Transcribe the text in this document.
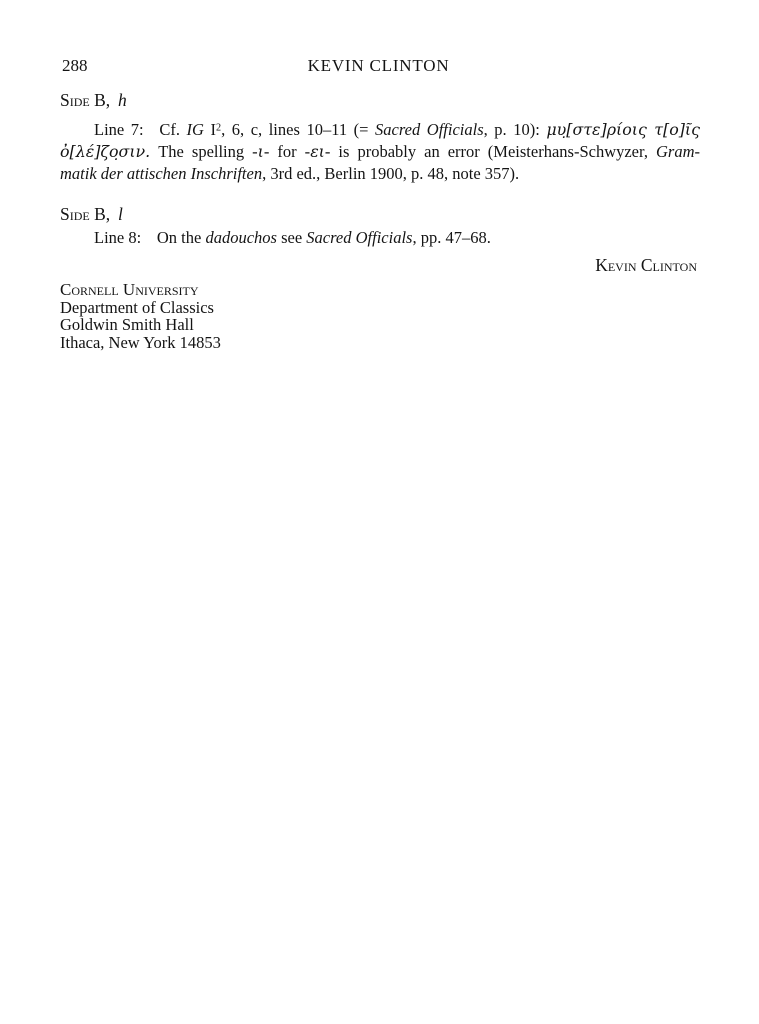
288	KEVIN CLINTON
Side B, h
Line 7: Cf. IG $I^2$, 6, c, lines 10–11 (= Sacred Officials, p. 10): μυ̣[στε]ρίοις τ[ο]ῖς
ὀ[λέ]ζο̣σιν. The spelling -ι- for -ει- is probably an error (Meisterhans-Schwyzer, Gram-
matik der attischen Inschriften, 3rd ed., Berlin 1900, p. 48, note 357).
Side B, l
Line 8: On the dadouchos see Sacred Officials, pp. 47–68.
Kevin Clinton
Cornell University
Department of Classics
Goldwin Smith Hall
Ithaca, New York 14853
